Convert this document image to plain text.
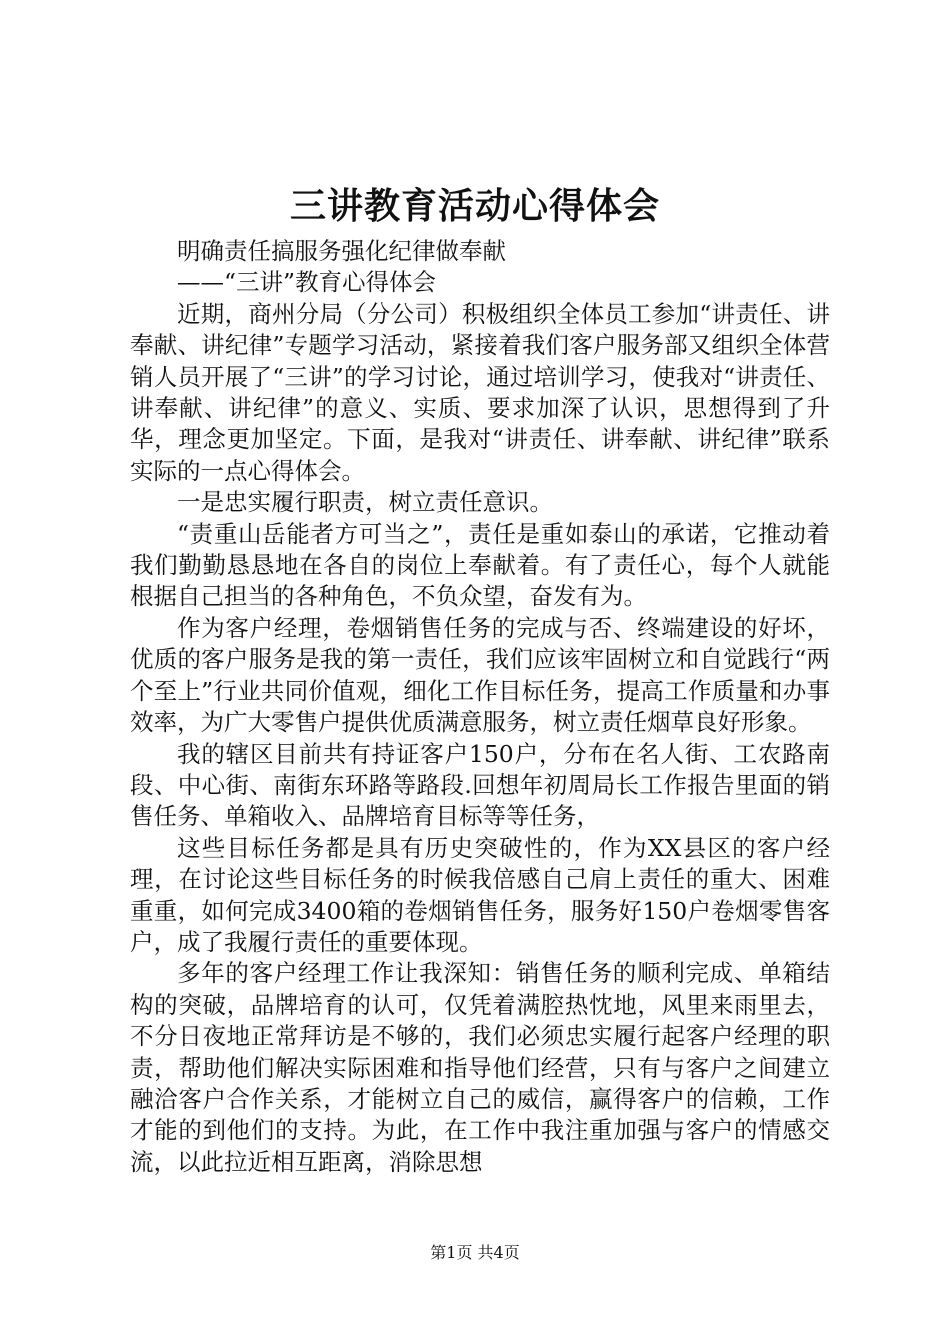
三讲教育活动心得体会

明确责任搞服务强化纪律做奉献

——“三讲”教育心得体会

近期，商州分局（分公司）积极组织全体员工参加“讲责任、讲奉献、讲纪律”专题学习活动，紧接着我们客户服务部又组织全体营销人员开展了“三讲”的学习讨论，通过培训学习，使我对“讲责任、讲奉献、讲纪律”的意义、实质、要求加深了认识，思想得到了升华，理念更加坚定。下面，是我对“讲责任、讲奉献、讲纪律”联系实际的一点心得体会。

一是忠实履行职责，树立责任意识。

“责重山岳能者方可当之”，责任是重如泰山的承诺，它推动着我们勤勤恳恳地在各自的岗位上奉献着。有了责任心，每个人就能根据自己担当的各种角色，不负众望，奋发有为。

作为客户经理，卷烟销售任务的完成与否、终端建设的好坏，优质的客户服务是我的第一责任，我们应该牢固树立和自觉践行“两个至上”行业共同价值观，细化工作目标任务，提高工作质量和办事效率，为广大零售户提供优质满意服务，树立责任烟草良好形象。

我的辖区目前共有持证客户150户，分布在名人街、工农路南段、中心街、南街东环路等路段.回想年初周局长工作报告里面的销售任务、单箱收入、品牌培育目标等等任务，

这些目标任务都是具有历史突破性的，作为XX县区的客户经理，在讨论这些目标任务的时候我倍感自己肩上责任的重大、困难重重，如何完成3400箱的卷烟销售任务，服务好150户卷烟零售客户，成了我履行责任的重要体现。

多年的客户经理工作让我深知：销售任务的顺利完成、单箱结构的突破，品牌培育的认可，仅凭着满腔热忱地，风里来雨里去，不分日夜地正常拜访是不够的，我们必须忠实履行起客户经理的职责，帮助他们解决实际困难和指导他们经营，只有与客户之间建立融洽客户合作关系，才能树立自己的威信，赢得客户的信赖，工作才能的到他们的支持。为此，在工作中我注重加强与客户的情感交流，以此拉近相互距离，消除思想

第1页 共4页
